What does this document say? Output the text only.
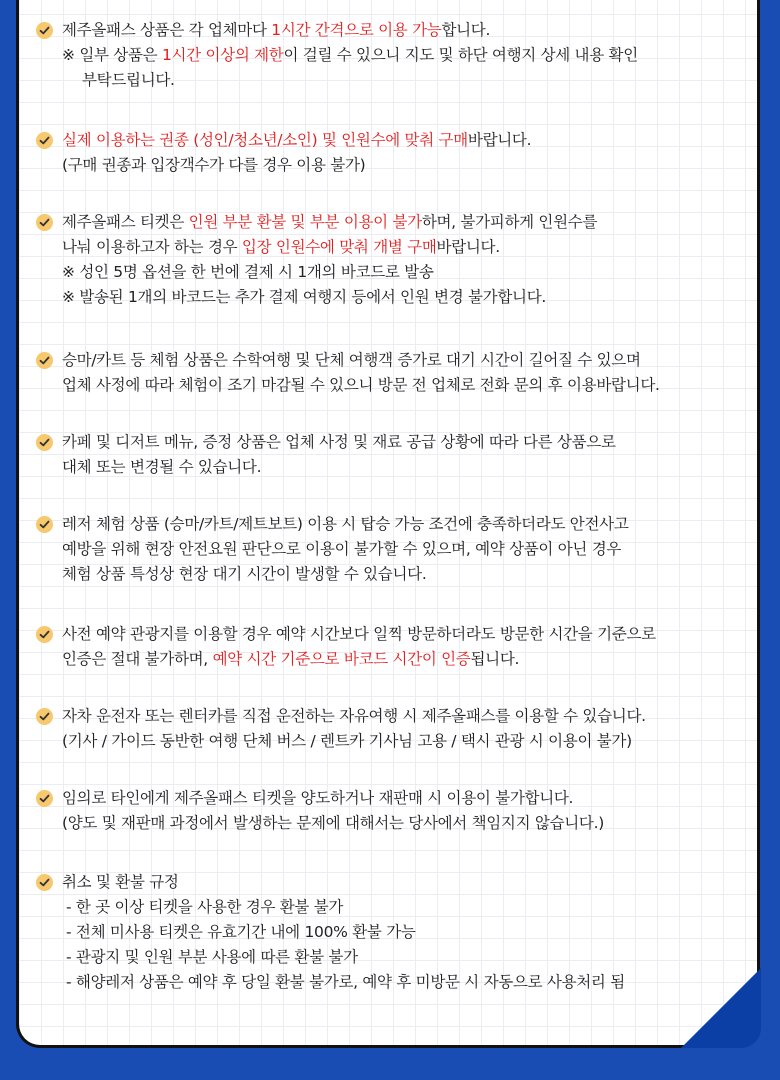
제주올패스 상품은 각 업체마다 1시간 간격으로 이용 가능합니다.
※ 일부 상품은 1시간 이상의 제한이 걸릴 수 있으니 지도 및 하단 여행지 상세 내용 확인
부탁드립니다.
실제 이용하는 권종 (성인/청소년/소인) 및 인원수에 맞춰 구매바랍니다.
(구매 권종과 입장객수가 다를 경우 이용 불가)
제주올패스 티켓은 인원 부분 환불 및 부분 이용이 불가하며, 불가피하게 인원수를
나눠 이용하고자 하는 경우 입장 인원수에 맞춰 개별 구매바랍니다.
※ 성인 5명 옵션을 한 번에 결제 시 1개의 바코드로 발송
※ 발송된 1개의 바코드는 추가 결제 여행지 등에서 인원 변경 불가합니다.
승마/카트 등 체험 상품은 수학여행 및 단체 여행객 증가로 대기 시간이 길어질 수 있으며
업체 사정에 따라 체험이 조기 마감될 수 있으니 방문 전 업체로 전화 문의 후 이용바랍니다.
카페 및 디저트 메뉴, 증정 상품은 업체 사정 및 재료 공급 상황에 따라 다른 상품으로
대체 또는 변경될 수 있습니다.
레저 체험 상품 (승마/카트/제트보트) 이용 시 탑승 가능 조건에 충족하더라도 안전사고
예방을 위해 현장 안전요원 판단으로 이용이 불가할 수 있으며, 예약 상품이 아닌 경우
체험 상품 특성상 현장 대기 시간이 발생할 수 있습니다.
사전 예약 관광지를 이용할 경우 예약 시간보다 일찍 방문하더라도 방문한 시간을 기준으로
인증은 절대 불가하며, 예약 시간 기준으로 바코드 시간이 인증됩니다.
자차 운전자 또는 렌터카를 직접 운전하는 자유여행 시 제주올패스를 이용할 수 있습니다.
(기사 / 가이드 동반한 여행 단체 버스 / 렌트카 기사님 고용 / 택시 관광 시 이용이 불가)
임의로 타인에게 제주올패스 티켓을 양도하거나 재판매 시 이용이 불가합니다.
(양도 및 재판매 과정에서 발생하는 문제에 대해서는 당사에서 책임지지 않습니다.)
취소 및 환불 규정
- 한 곳 이상 티켓을 사용한 경우 환불 불가
- 전체 미사용 티켓은 유효기간 내에 100% 환불 가능
- 관광지 및 인원 부분 사용에 따른 환불 불가
- 해양레저 상품은 예약 후 당일 환불 불가로, 예약 후 미방문 시 자동으로 사용처리 됨
